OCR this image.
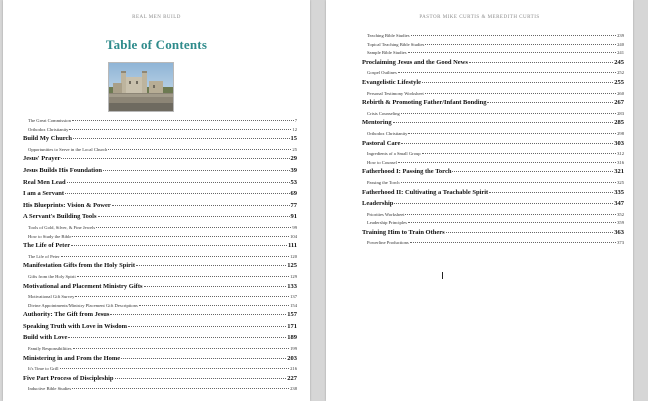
REAL MEN BUILD
Table of Contents
The Great Commission	7
Orthodox Christianity	12
Build My Church	15
Opportunities to Serve in the Local Church	25
Jesus' Prayer	29
Jesus Builds His Foundation	39
Real Men Lead	53
I am a Servant	69
His Blueprints: Vision & Power	77
A Servant's Building Tools	91
Tools of Gold, Silver, & Fine Jewels	99
How to Study the Bible	104
The Life of Peter	111
The Life of Peter	120
Manifestation Gifts from the Holy Spirit	125
Gifts from the Holy Spirit	129
Motivational and Placement Ministry Gifts	133
Motivational Gift Survey	137
Divine Appointments/Ministry Placement Gift Descriptions	154
Authority: The Gift from Jesus	157
Speaking Truth with Love in Wisdom	171
Build with Love	189
Family Responsibilities	199
Ministering in and From the Home	203
It's Time to Grill	216
Five Part Process of Discipleship	227
Inductive Bible Studies	238
PASTOR MIKE CURTIS & MEREDITH CURTIS
Teaching Bible Studies	239
Topical Teaching Bible Studies	240
Sample Bible Studies	241
Proclaiming Jesus and the Good News	245
Gospel Outlines	252
Evangelistic Lifestyle	255
Personal Testimony Worksheet	260
Rebirth & Promoting Father/Infant Bonding	267
Crisis Counseling	283
Mentoring	285
Orthodox Christianity	298
Pastoral Care	303
Ingredients of a Small Group	312
How to Counsel	316
Fatherhood I: Passing the Torch	321
Passing the Torch	325
Fatherhood II: Cultivating a Teachable Spirit	335
Leadership	347
Priorities Worksheet	352
Leadership Principles	359
Training Him to Train Others	363
Powerline Productions	373
